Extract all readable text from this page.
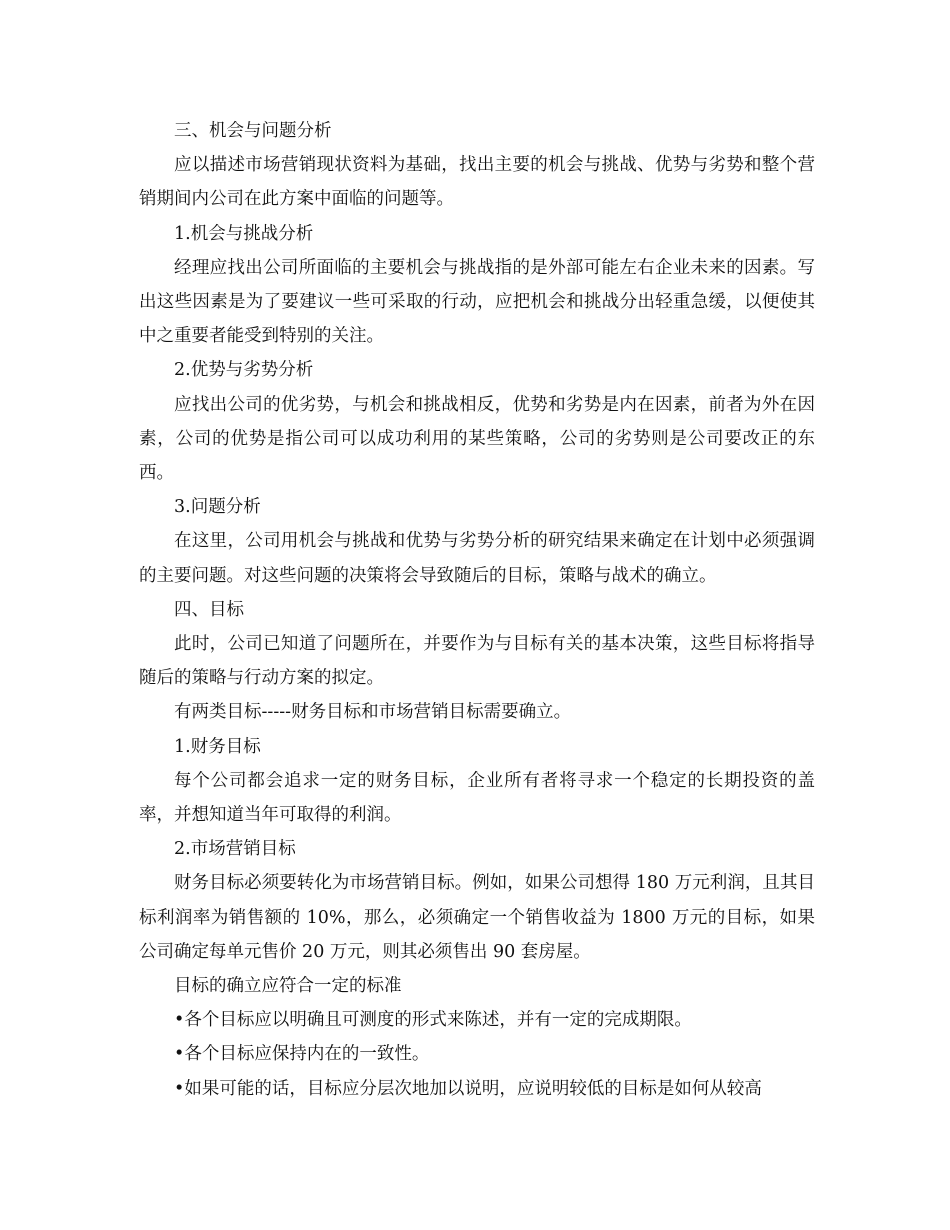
三、机会与问题分析

应以描述市场营销现状资料为基础，找出主要的机会与挑战、优势与劣势和整个营销期间内公司在此方案中面临的问题等。

1.机会与挑战分析

经理应找出公司所面临的主要机会与挑战指的是外部可能左右企业未来的因素。写出这些因素是为了要建议一些可采取的行动，应把机会和挑战分出轻重急缓，以便使其中之重要者能受到特别的关注。

2.优势与劣势分析

应找出公司的优劣势，与机会和挑战相反，优势和劣势是内在因素，前者为外在因素，公司的优势是指公司可以成功利用的某些策略，公司的劣势则是公司要改正的东西。

3.问题分析

在这里，公司用机会与挑战和优势与劣势分析的研究结果来确定在计划中必须强调的主要问题。对这些问题的决策将会导致随后的目标，策略与战术的确立。

四、目标

此时，公司已知道了问题所在，并要作为与目标有关的基本决策，这些目标将指导随后的策略与行动方案的拟定。

有两类目标-----财务目标和市场营销目标需要确立。

1.财务目标

每个公司都会追求一定的财务目标，企业所有者将寻求一个稳定的长期投资的盖率，并想知道当年可取得的利润。

2.市场营销目标

财务目标必须要转化为市场营销目标。例如，如果公司想得 180 万元利润，且其目标利润率为销售额的 10%，那么，必须确定一个销售收益为 1800 万元的目标，如果公司确定每单元售价 20 万元，则其必须售出 90 套房屋。

目标的确立应符合一定的标准

•各个目标应以明确且可测度的形式来陈述，并有一定的完成期限。

•各个目标应保持内在的一致性。

•如果可能的话，目标应分层次地加以说明，应说明较低的目标是如何从较高
